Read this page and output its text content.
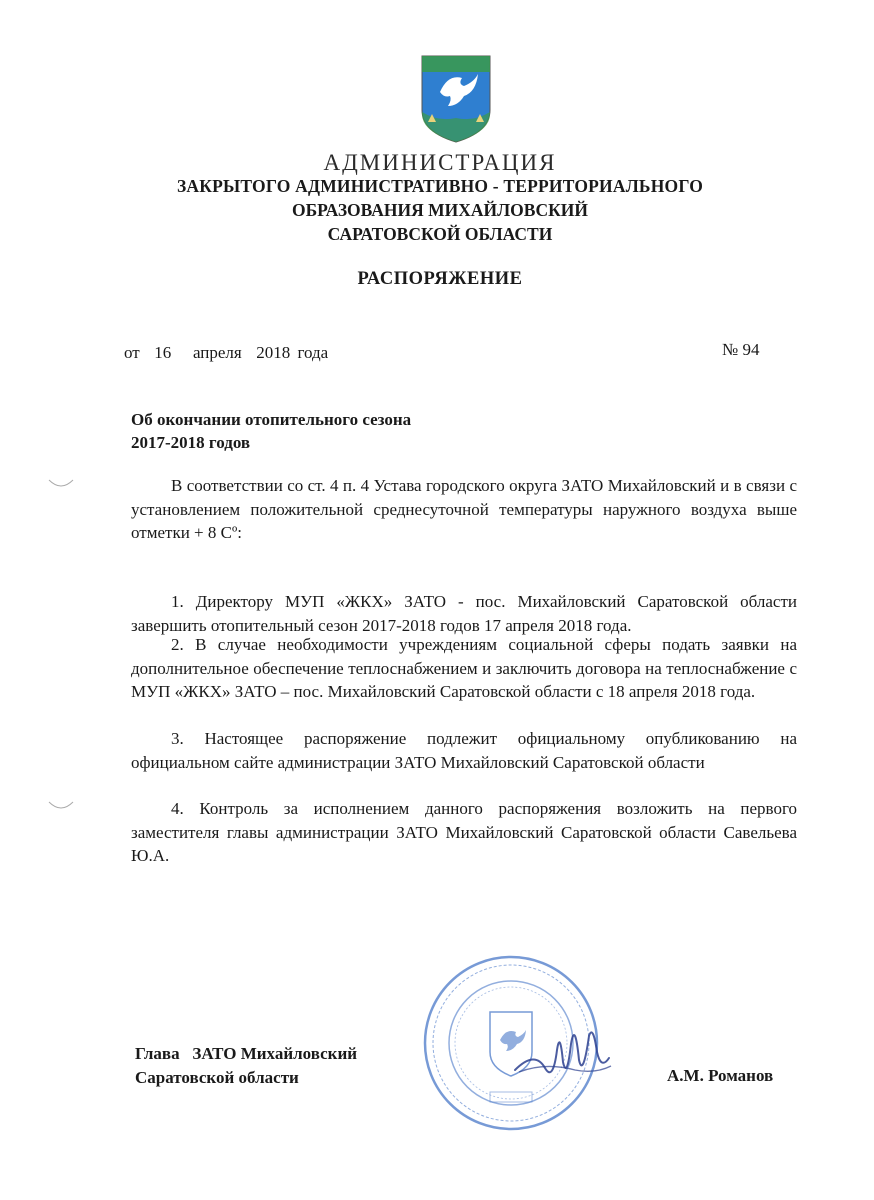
АДМИНИСТРАЦИЯ
ЗАКРЫТОГО АДМИНИСТРАТИВНО - ТЕРРИТОРИАЛЬНОГО
ОБРАЗОВАНИЯ МИХАЙЛОВСКИЙ
САРАТОВСКОЙ ОБЛАСТИ
РАСПОРЯЖЕНИЕ
от  16   апреля  2018 года	№ 94
Об окончании отопительного сезона
2017-2018 годов

В соответствии со ст. 4 п. 4 Устава городского округа ЗАТО Михайловский и в связи с установлением положительной среднесуточной температуры наружного воздуха выше отметки + 8 Сº:

1. Директору МУП «ЖКХ» ЗАТО - пос. Михайловский Саратовской области завершить отопительный сезон 2017-2018 годов 17 апреля 2018 года.

2. В случае необходимости учреждениям социальной сферы подать заявки на дополнительное обеспечение теплоснабжением и заключить договора на теплоснабжение с МУП «ЖКХ» ЗАТО – пос. Михайловский Саратовской области с 18 апреля 2018 года.

3. Настоящее распоряжение подлежит официальному опубликованию на официальном сайте администрации ЗАТО Михайловский Саратовской области

4. Контроль за исполнением данного распоряжения возложить на первого заместителя главы администрации ЗАТО Михайловский Саратовской области Савельева Ю.А.

Глава   ЗАТО Михайловский
Саратовской области	А.М. Романов
